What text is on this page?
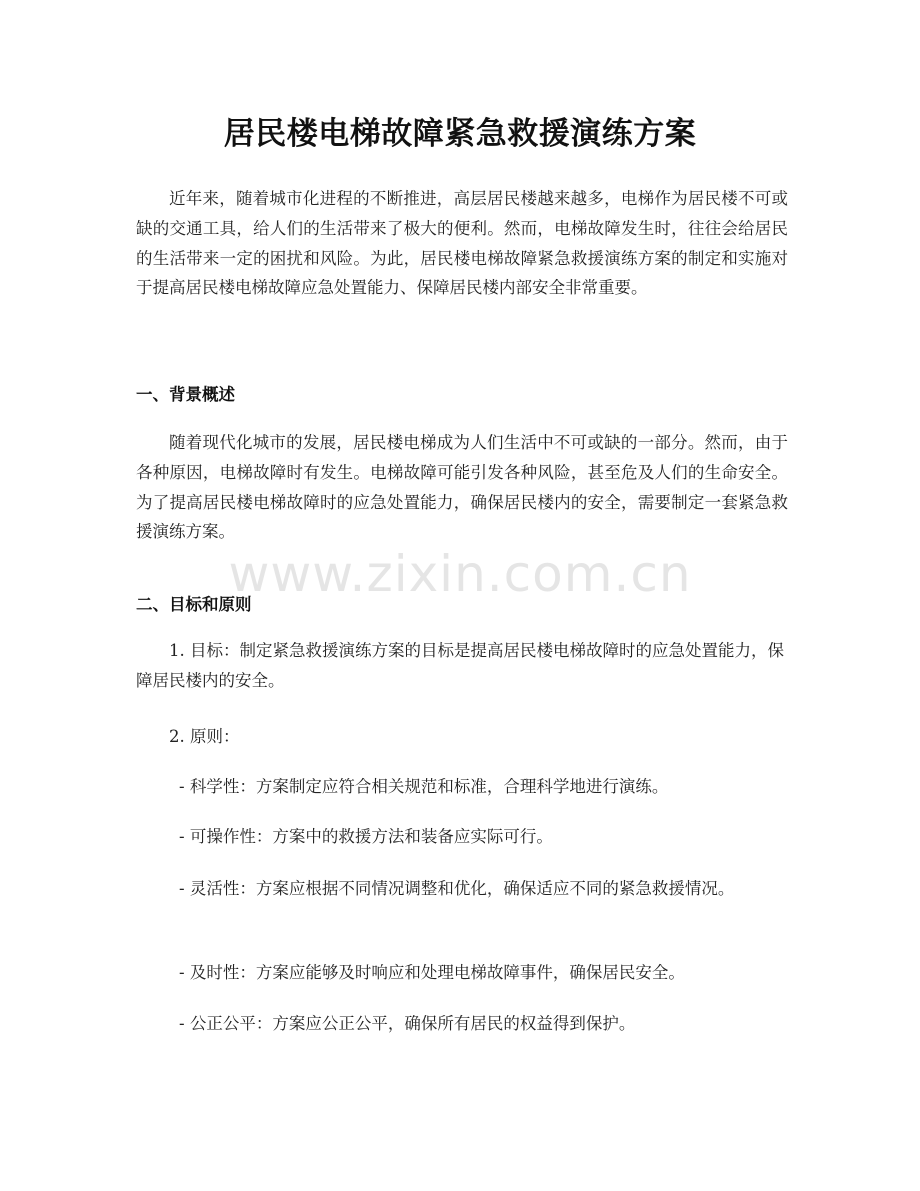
居民楼电梯故障紧急救援演练方案

近年来，随着城市化进程的不断推进，高层居民楼越来越多，电梯作为居民楼不可或缺的交通工具，给人们的生活带来了极大的便利。然而，电梯故障发生时，往往会给居民的生活带来一定的困扰和风险。为此，居民楼电梯故障紧急救援演练方案的制定和实施对于提高居民楼电梯故障应急处置能力、保障居民楼内部安全非常重要。

一、背景概述

随着现代化城市的发展，居民楼电梯成为人们生活中不可或缺的一部分。然而，由于各种原因，电梯故障时有发生。电梯故障可能引发各种风险，甚至危及人们的生命安全。为了提高居民楼电梯故障时的应急处置能力，确保居民楼内的安全，需要制定一套紧急救援演练方案。

二、目标和原则

1. 目标：制定紧急救援演练方案的目标是提高居民楼电梯故障时的应急处置能力，保障居民楼内的安全。

2. 原则：

- 科学性：方案制定应符合相关规范和标准，合理科学地进行演练。

- 可操作性：方案中的救援方法和装备应实际可行。

- 灵活性：方案应根据不同情况调整和优化，确保适应不同的紧急救援情况。

- 及时性：方案应能够及时响应和处理电梯故障事件，确保居民安全。

- 公正公平：方案应公正公平，确保所有居民的权益得到保护。

www.zixin.com.cn
